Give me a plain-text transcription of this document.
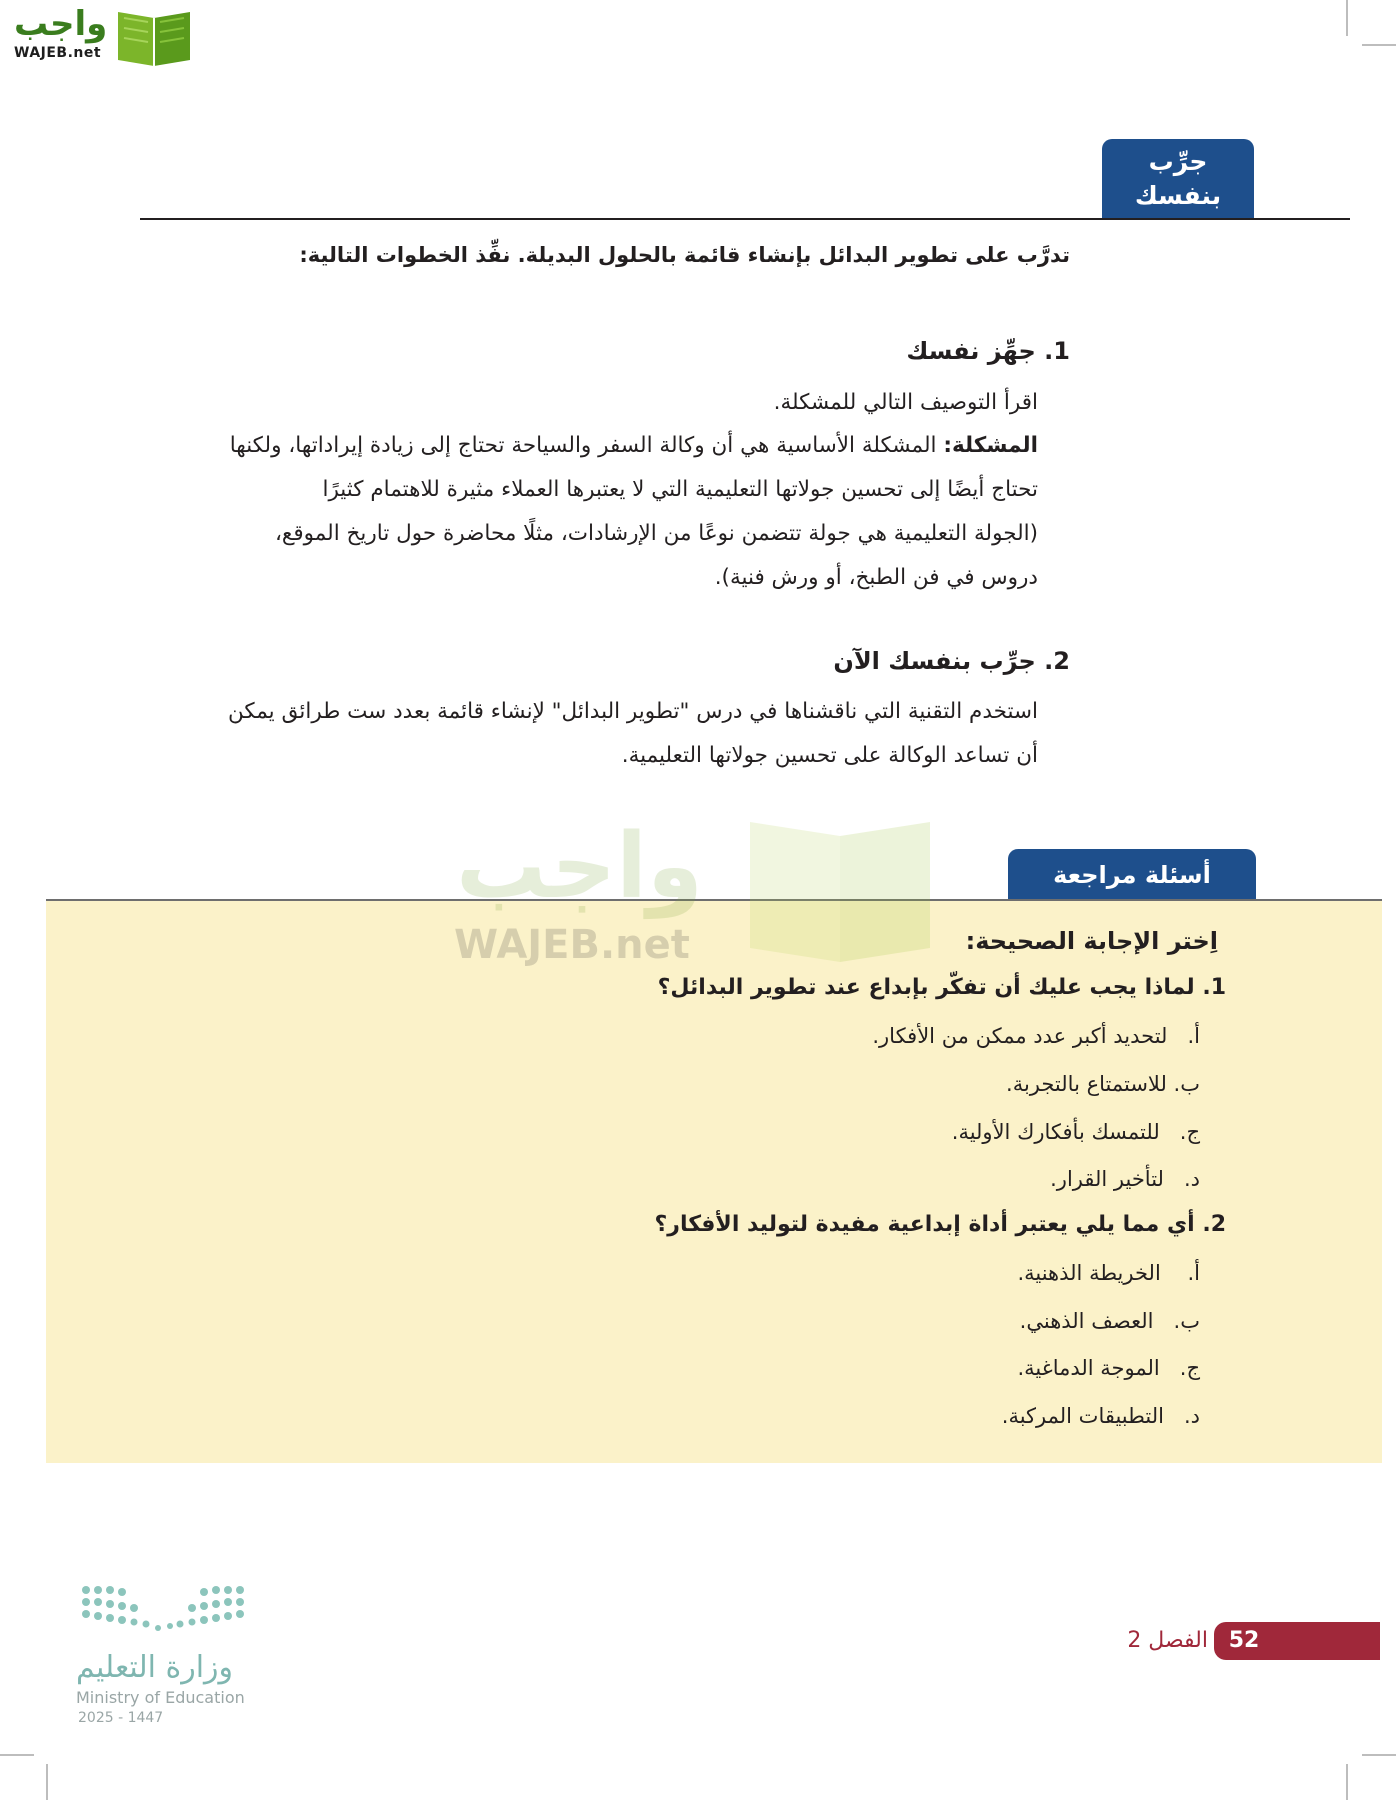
واجب
WAJEB.net
جرِّب
بنفسك
تدرَّب على تطوير البدائل بإنشاء قائمة بالحلول البديلة. نفِّذ الخطوات التالية:
1. جهِّز نفسك
اقرأ التوصيف التالي للمشكلة.
المشكلة: المشكلة الأساسية هي أن وكالة السفر والسياحة تحتاج إلى زيادة إيراداتها، ولكنها
تحتاج أيضًا إلى تحسين جولاتها التعليمية التي لا يعتبرها العملاء مثيرة للاهتمام كثيرًا
(الجولة التعليمية هي جولة تتضمن نوعًا من الإرشادات، مثلًا محاضرة حول تاريخ الموقع،
دروس في فن الطبخ، أو ورش فنية).
2. جرِّب بنفسك الآن
استخدم التقنية التي ناقشناها في درس "تطوير البدائل" لإنشاء قائمة بعدد ست طرائق يمكن
أن تساعد الوكالة على تحسين جولاتها التعليمية.
أسئلة مراجعة
واجب
WAJEB.net	اِختر الإجابة الصحيحة:
1. لماذا يجب عليك أن تفكّر بإبداع عند تطوير البدائل؟
أ.   لتحديد أكبر عدد ممكن من الأفكار.
ب. للاستمتاع بالتجربة.
ج.   للتمسك بأفكارك الأولية.
د.   لتأخير القرار.
2. أي مما يلي يعتبر أداة إبداعية مفيدة لتوليد الأفكار؟
أ.    الخريطة الذهنية.
ب.   العصف الذهني.
ج.   الموجة الدماغية.
د.   التطبيقات المركبة.
52
الفصل 2
وزارة التعليم
Ministry of Education
2025 - 1447
